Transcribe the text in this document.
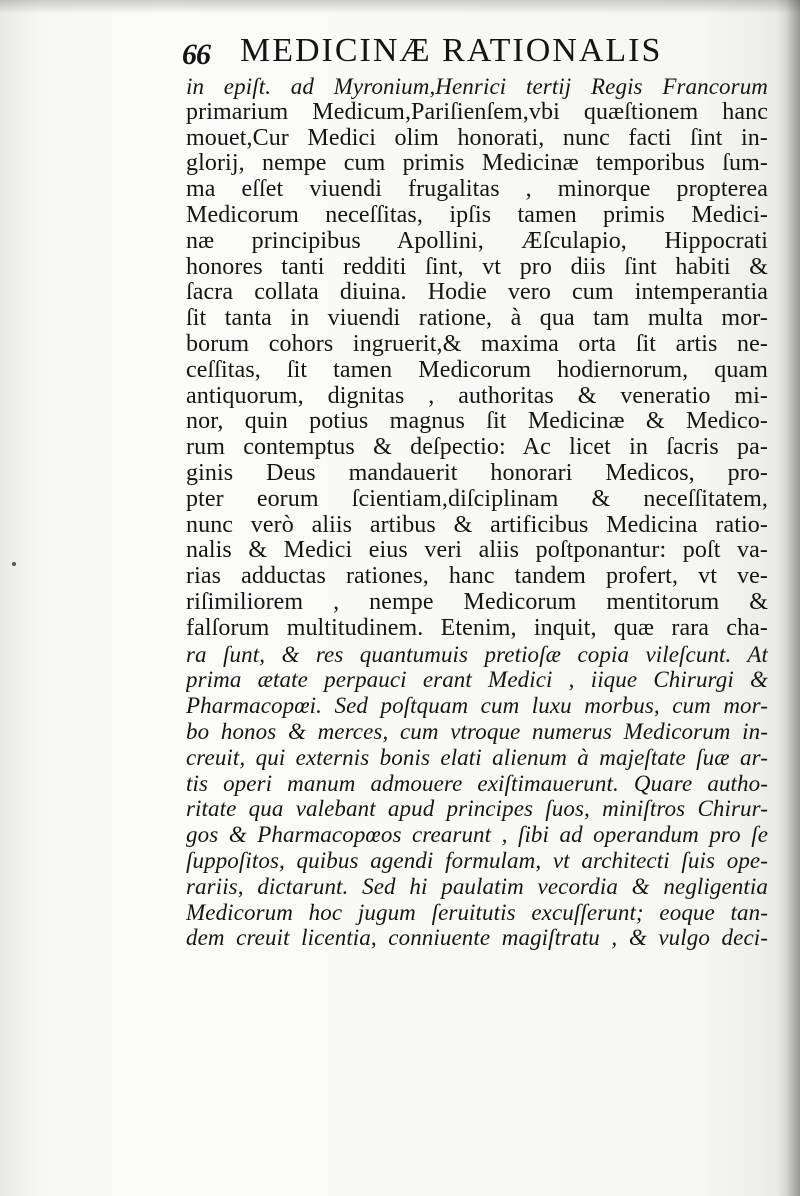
66 MEDICINÆ RATIONALIS
in epiſt. ad Myronium,Henrici tertij Regis Francorum
primarium Medicum,Pariſienſem,vbi quæſtionem hanc
mouet,Cur Medici olim honorati, nunc facti ſint in-
glorij, nempe cum primis Medicinæ temporibus ſum-
ma eſſet viuendi frugalitas , minorque propterea
Medicorum neceſſitas, ipſis tamen primis Medici-
næ principibus Apollini, Æſculapio, Hippocrati
honores tanti redditi ſint, vt pro diis ſint habiti &
ſacra collata diuina. Hodie vero cum intemperantia
ſit tanta in viuendi ratione, à qua tam multa mor-
borum cohors ingruerit,& maxima orta ſit artis ne-
ceſſitas, ſit tamen Medicorum hodiernorum, quam
antiquorum, dignitas , authoritas & veneratio mi-
nor, quin potius magnus ſit Medicinæ & Medico-
rum contemptus & deſpectio: Ac licet in ſacris pa-
ginis Deus mandauerit honorari Medicos, pro-
pter eorum ſcientiam,diſciplinam & neceſſitatem,
nunc verò aliis artibus & artificibus Medicina ratio-
nalis & Medici eius veri aliis poſtponantur: poſt va-
rias adductas rationes, hanc tandem profert, vt ve-
riſimiliorem , nempe Medicorum mentitorum &
falſorum multitudinem. Etenim, inquit, quæ rara cha-
ra ſunt, & res quantumuis pretioſæ copia vileſcunt. At
prima ætate perpauci erant Medici , iique Chirurgi &
Pharmacopœi. Sed poſtquam cum luxu morbus, cum mor-
bo honos & merces, cum vtroque numerus Medicorum in-
creuit, qui externis bonis elati alienum à majeſtate ſuæ ar-
tis operi manum admouere exiſtimauerunt. Quare autho-
ritate qua valebant apud principes ſuos, miniſtros Chirur-
gos & Pharmacopœos crearunt , ſibi ad operandum pro ſe
ſuppoſitos, quibus agendi formulam, vt architecti ſuis ope-
rariis, dictarunt. Sed hi paulatim vecordia & negligentia
Medicorum hoc jugum ſeruitutis excuſſerunt; eoque tan-
dem creuit licentia, conniuente magiſtratu , & vulgo deci-
